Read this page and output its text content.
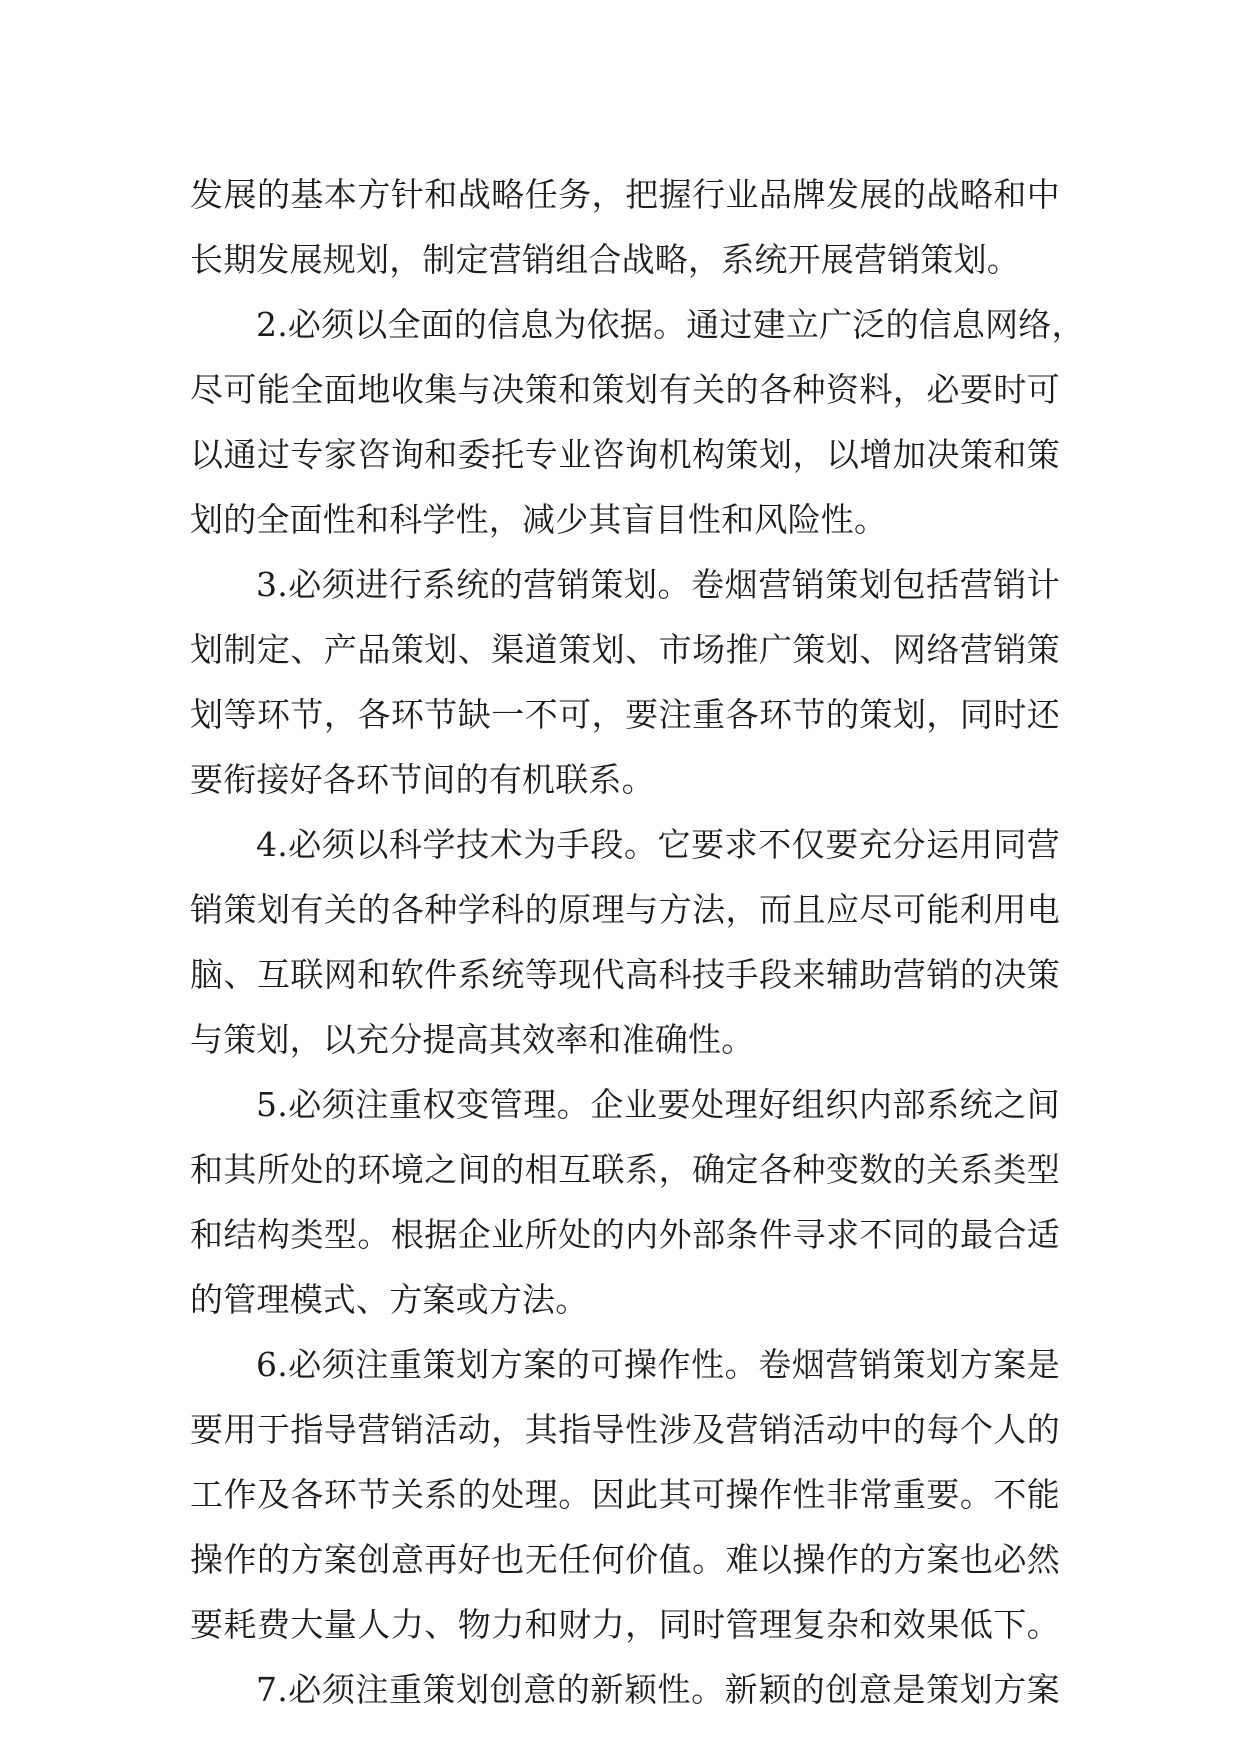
发展的基本方针和战略任务，把握行业品牌发展的战略和中
长期发展规划，制定营销组合战略，系统开展营销策划。
2.必须以全面的信息为依据。通过建立广泛的信息网络，
尽可能全面地收集与决策和策划有关的各种资料，必要时可
以通过专家咨询和委托专业咨询机构策划，以增加决策和策
划的全面性和科学性，减少其盲目性和风险性。
3.必须进行系统的营销策划。卷烟营销策划包括营销计
划制定、产品策划、渠道策划、市场推广策划、网络营销策
划等环节，各环节缺一不可，要注重各环节的策划，同时还
要衔接好各环节间的有机联系。
4.必须以科学技术为手段。它要求不仅要充分运用同营
销策划有关的各种学科的原理与方法，而且应尽可能利用电
脑、互联网和软件系统等现代高科技手段来辅助营销的决策
与策划，以充分提高其效率和准确性。
5.必须注重权变管理。企业要处理好组织内部系统之间
和其所处的环境之间的相互联系，确定各种变数的关系类型
和结构类型。根据企业所处的内外部条件寻求不同的最合适
的管理模式、方案或方法。
6.必须注重策划方案的可操作性。卷烟营销策划方案是
要用于指导营销活动，其指导性涉及营销活动中的每个人的
工作及各环节关系的处理。因此其可操作性非常重要。不能
操作的方案创意再好也无任何价值。难以操作的方案也必然
要耗费大量人力、物力和财力，同时管理复杂和效果低下。
7.必须注重策划创意的新颖性。新颖的创意是策划方案
